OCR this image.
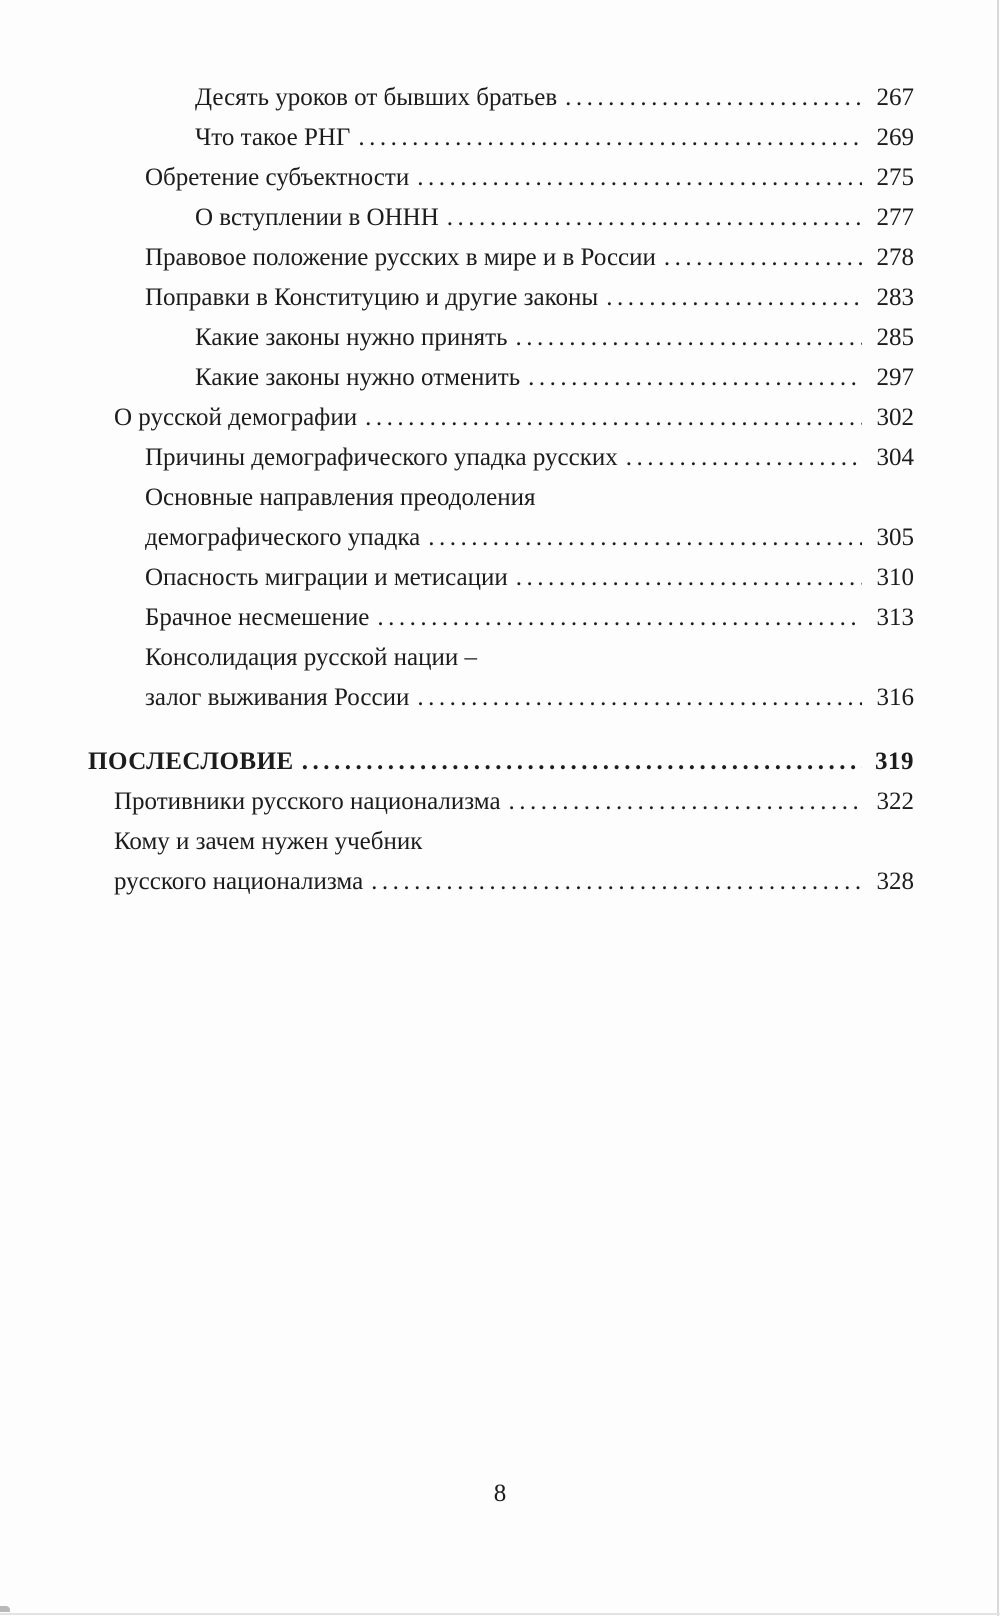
Десять уроков от бывших братьев .....	267
Что такое РНГ .....	269
Обретение субъектности .....	275
О вступлении в ОННН .....	277
Правовое положение русских в мире и в России .....	278
Поправки в Конституцию и другие законы .....	283
Какие законы нужно принять .....	285
Какие законы нужно отменить .....	297
О русской демографии .....	302
Причины демографического упадка русских .....	304
Основные направления преодоления
демографического упадка .....	305
Опасность миграции и метисации .....	310
Брачное несмешение .....	313
Консолидация русской нации –
залог выживания России .....	316
ПОСЛЕСЛОВИЕ .....	319
Противники русского национализма .....	322
Кому и зачем нужен учебник
русского национализма .....	328
8
